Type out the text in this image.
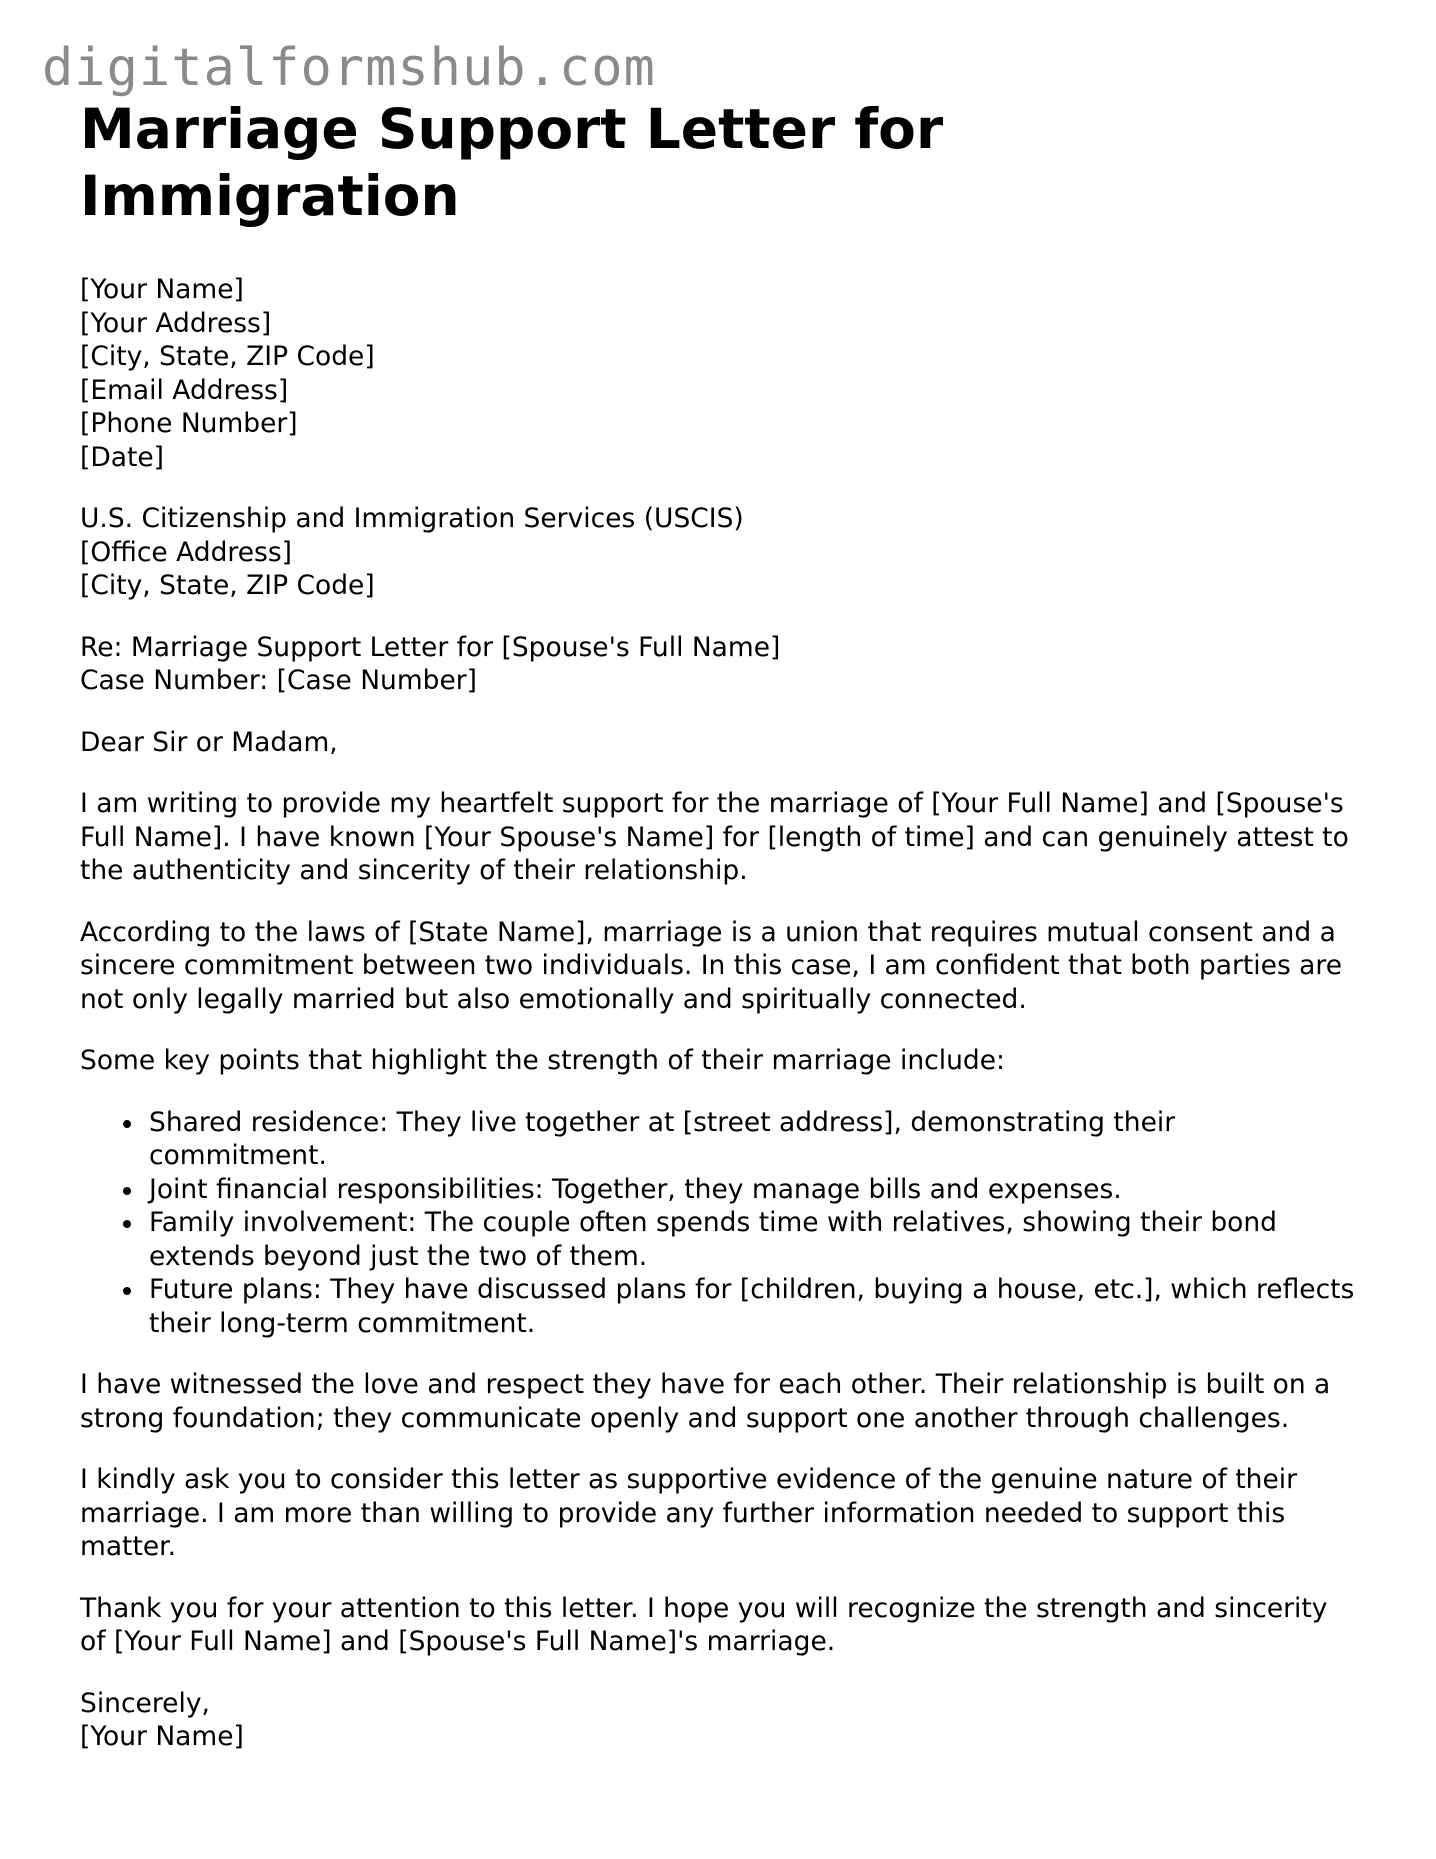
digitalformshub.com
Marriage Support Letter for Immigration
[Your Name]
[Your Address]
[City, State, ZIP Code]
[Email Address]
[Phone Number]
[Date]
U.S. Citizenship and Immigration Services (USCIS)
[Office Address]
[City, State, ZIP Code]
Re: Marriage Support Letter for [Spouse's Full Name]
Case Number: [Case Number]

Dear Sir or Madam,

I am writing to provide my heartfelt support for the marriage of [Your Full Name] and [Spouse's Full Name]. I have known [Your Spouse's Name] for [length of time] and can genuinely attest to the authenticity and sincerity of their relationship.

According to the laws of [State Name], marriage is a union that requires mutual consent and a sincere commitment between two individuals. In this case, I am confident that both parties are not only legally married but also emotionally and spiritually connected.

Some key points that highlight the strength of their marriage include:

Shared residence: They live together at [street address], demonstrating their commitment.
Joint financial responsibilities: Together, they manage bills and expenses.
Family involvement: The couple often spends time with relatives, showing their bond extends beyond just the two of them.
Future plans: They have discussed plans for [children, buying a house, etc.], which reflects their long-term commitment.

I have witnessed the love and respect they have for each other. Their relationship is built on a strong foundation; they communicate openly and support one another through challenges.

I kindly ask you to consider this letter as supportive evidence of the genuine nature of their marriage. I am more than willing to provide any further information needed to support this matter.

Thank you for your attention to this letter. I hope you will recognize the strength and sincerity of [Your Full Name] and [Spouse's Full Name]'s marriage.

Sincerely,
[Your Name]
